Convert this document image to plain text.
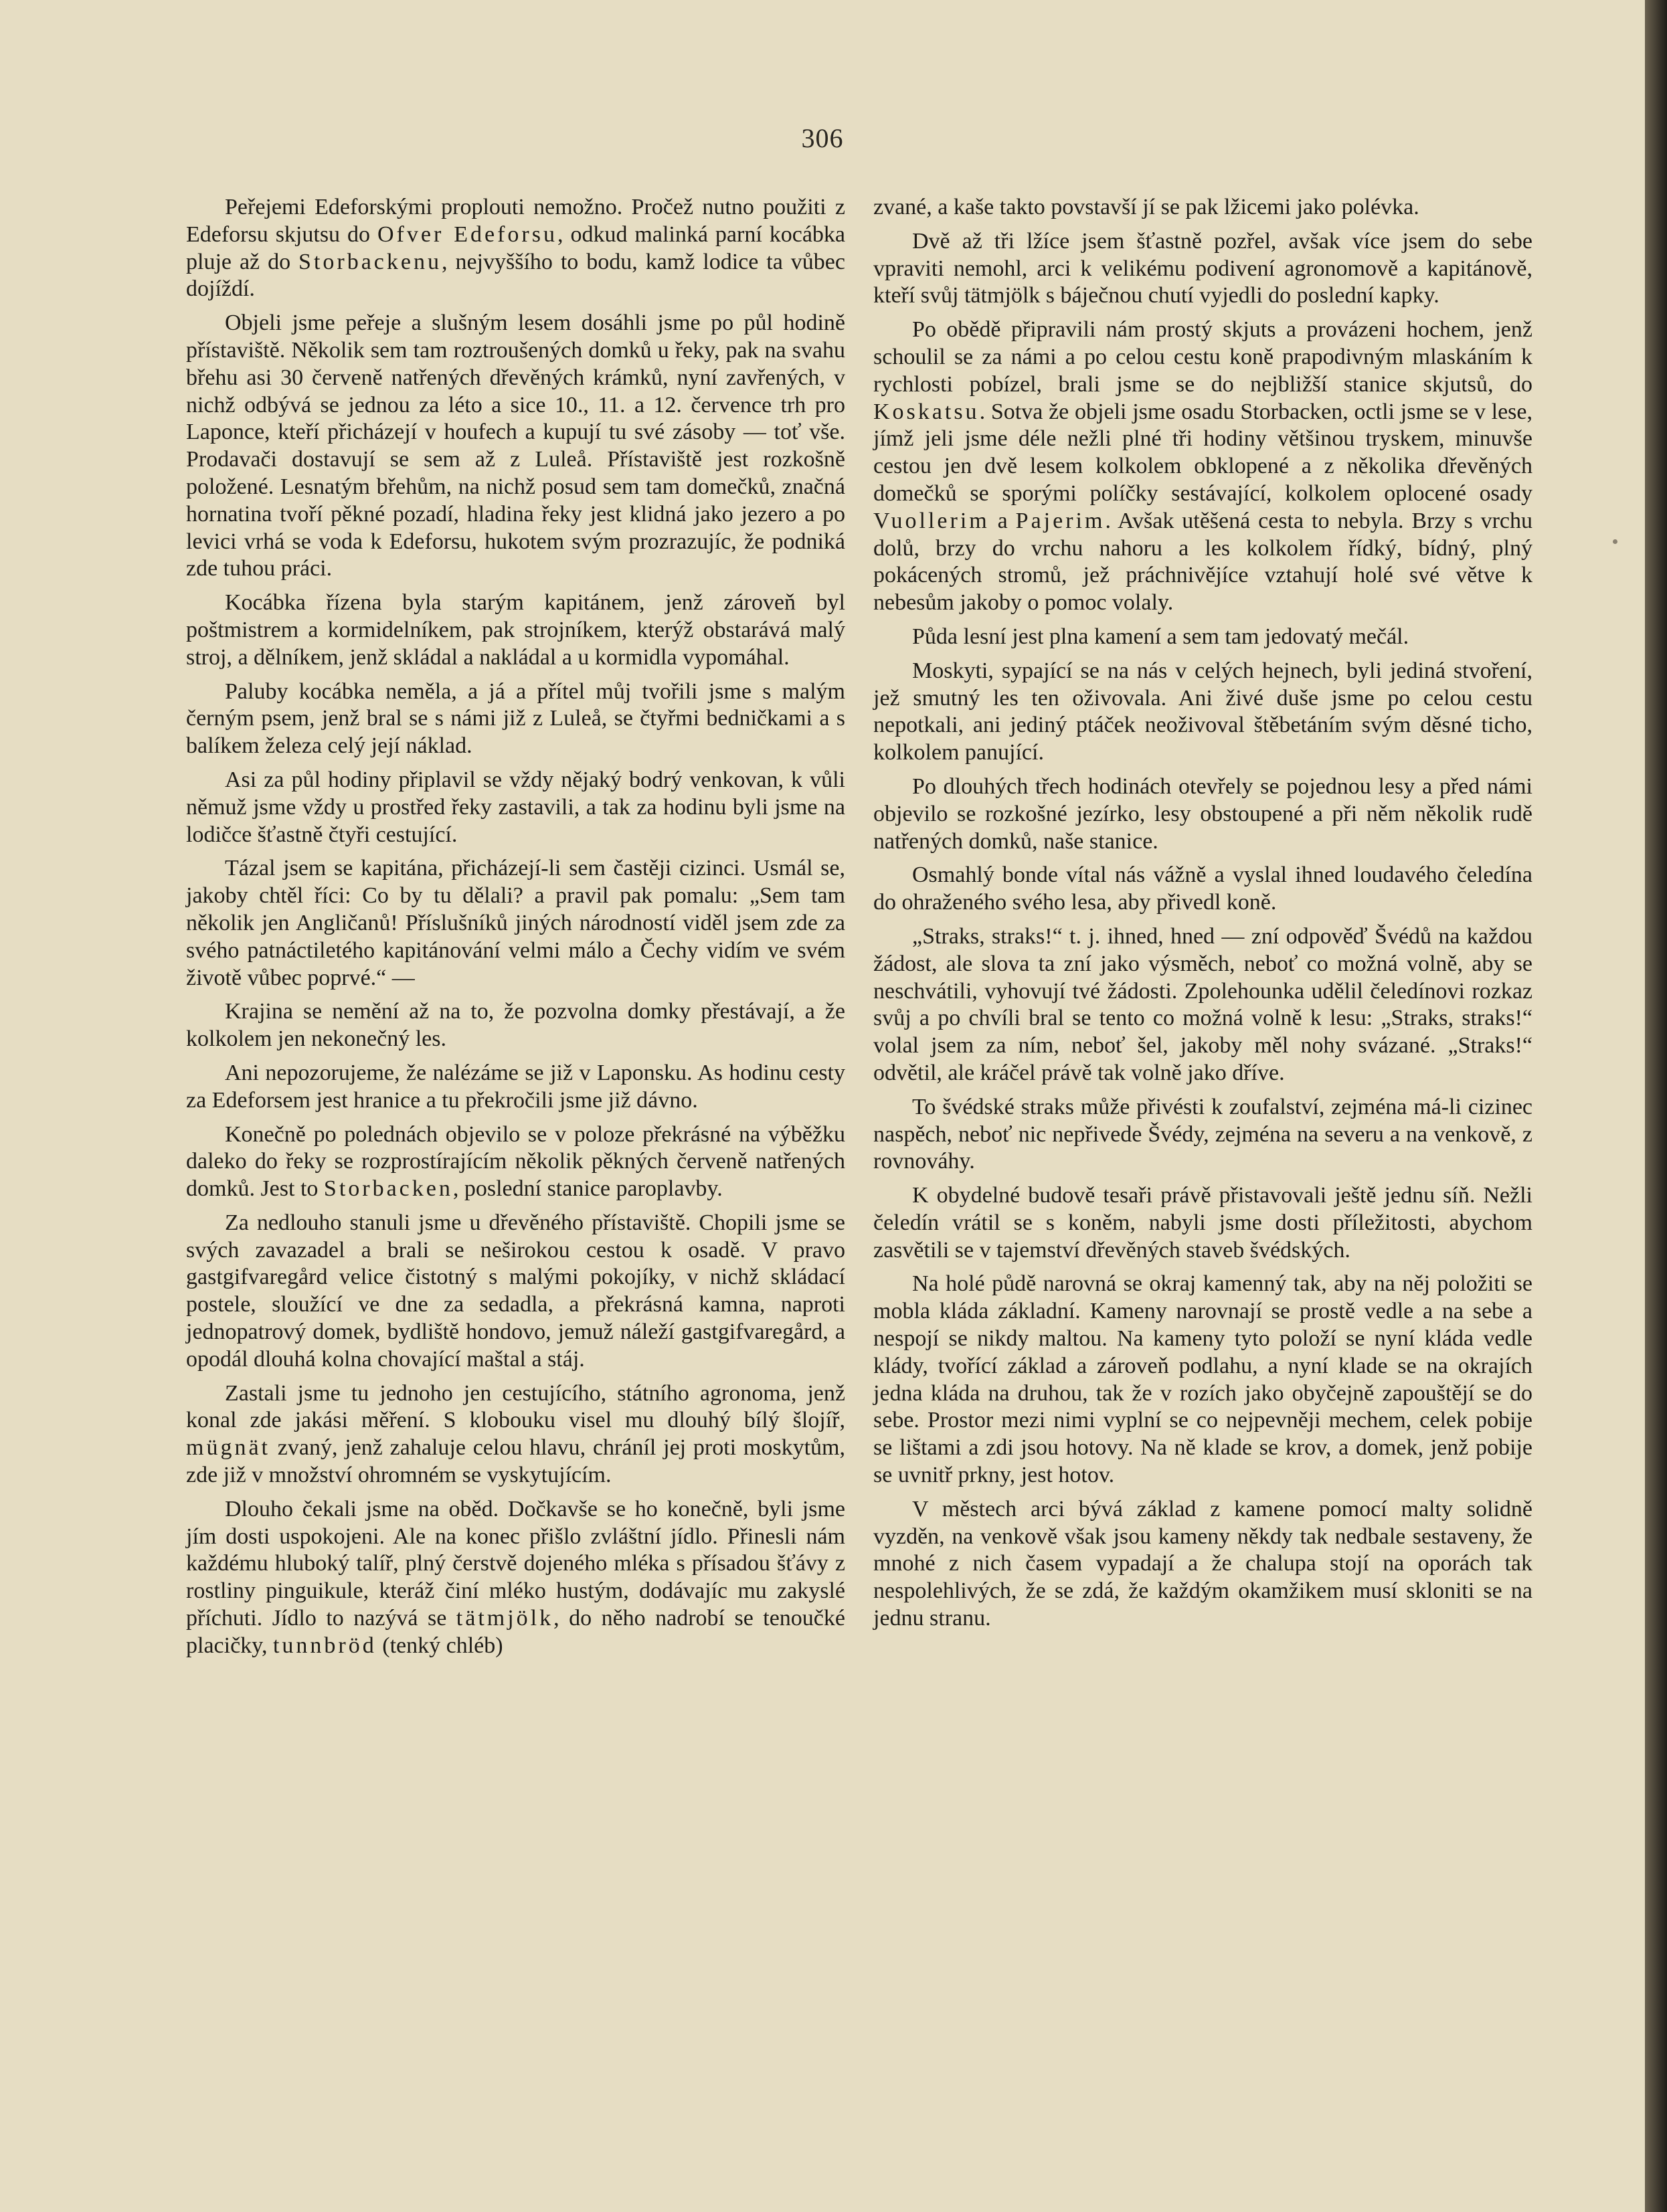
306

Peřejemi Edeforskými proplouti nemožno. Pročež nutno použiti z Edeforsu skjutsu do Ofver Edeforsu, odkud malinká parní kocábka pluje až do Storbackenu, nejvyššího to bodu, kamž lodice ta vůbec dojíždí.

Objeli jsme peřeje a slušným lesem dosáhli jsme po půl hodině přístaviště. Několik sem tam roztroušených domků u řeky, pak na svahu břehu asi 30 červeně natřených dřevěných krámků, nyní zavřených, v nichž odbývá se jednou za léto a sice 10., 11. a 12. července trh pro Laponce, kteří přicházejí v houfech a kupují tu své zásoby — toť vše. Prodavači dostavují se sem až z Luleå. Přístaviště jest rozkošně položené. Lesnatým břehům, na nichž posud sem tam domečků, značná hornatina tvoří pěkné pozadí, hladina řeky jest klidná jako jezero a po levici vrhá se voda k Edeforsu, hukotem svým prozrazujíc, že podniká zde tuhou práci.

Kocábka řízena byla starým kapitánem, jenž zároveň byl poštmistrem a kormidelníkem, pak strojníkem, kterýž obstarává malý stroj, a dělníkem, jenž skládal a nakládal a u kormidla vypomáhal.

Paluby kocábka neměla, a já a přítel můj tvořili jsme s malým černým psem, jenž bral se s námi již z Luleå, se čtyřmi bedničkami a s balíkem železa celý její náklad.

Asi za půl hodiny připlavil se vždy nějaký bodrý venkovan, k vůli němuž jsme vždy u prostřed řeky zastavili, a tak za hodinu byli jsme na lodičce šťastně čtyři cestující.

Tázal jsem se kapitána, přicházejí-li sem častěji cizinci. Usmál se, jakoby chtěl říci: Co by tu dělali? a pravil pak pomalu: „Sem tam několik jen Angličanů! Příslušníků jiných národností viděl jsem zde za svého patnáctiletého kapitánování velmi málo a Čechy vidím ve svém životě vůbec poprvé.“ —

Krajina se nemění až na to, že pozvolna domky přestávají, a že kolkolem jen nekonečný les.

Ani nepozorujeme, že nalézáme se již v Laponsku. As hodinu cesty za Edeforsem jest hranice a tu překročili jsme již dávno.

Konečně po polednách objevilo se v poloze překrásné na výběžku daleko do řeky se rozprostírajícím několik pěkných červeně natřených domků. Jest to Storbacken, poslední stanice paroplavby.

Za nedlouho stanuli jsme u dřevěného přístaviště. Chopili jsme se svých zavazadel a brali se neširokou cestou k osadě. V pravo gastgifvaregård velice čistotný s malými pokojíky, v nichž skládací postele, sloužící ve dne za sedadla, a překrásná kamna, naproti jednopatrový domek, bydliště hondovo, jemuž náleží gastgifvaregård, a opodál dlouhá kolna chovající maštal a stáj.

Zastali jsme tu jednoho jen cestujícího, státního agronoma, jenž konal zde jakási měření. S klobouku visel mu dlouhý bílý šlojíř, mügnät zvaný, jenž zahaluje celou hlavu, chráníl jej proti moskytům, zde již v množství ohromném se vyskytujícím.

Dlouho čekali jsme na oběd. Dočkavše se ho konečně, byli jsme jím dosti uspokojeni. Ale na konec přišlo zvláštní jídlo. Přinesli nám každému hluboký talíř, plný čerstvě dojeného mléka s přísadou šťávy z rostliny pinguikule, kteráž činí mléko hustým, dodávajíc mu zakyslé příchuti. Jídlo to nazývá se tätmjölk, do něho nadrobí se tenoučké placičky, tunnbröd (tenký chléb)

zvané, a kaše takto povstavší jí se pak lžicemi jako polévka.

Dvě až tři lžíce jsem šťastně pozřel, avšak více jsem do sebe vpraviti nemohl, arci k velikému podivení agronomově a kapitánově, kteří svůj tätmjölk s báječnou chutí vyjedli do poslední kapky.

Po obědě připravili nám prostý skjuts a provázeni hochem, jenž schoulil se za námi a po celou cestu koně prapodivným mlaskáním k rychlosti pobízel, brali jsme se do nejbližší stanice skjutsů, do Koskatsu. Sotva že objeli jsme osadu Storbacken, octli jsme se v lese, jímž jeli jsme déle nežli plné tři hodiny většinou tryskem, minuvše cestou jen dvě lesem kolkolem obklopené a z několika dřevěných domečků se sporými políčky sestávající, kolkolem oplocené osady Vuollerim a Pajerim. Avšak utěšená cesta to nebyla. Brzy s vrchu dolů, brzy do vrchu nahoru a les kolkolem řídký, bídný, plný pokácených stromů, jež práchnivějíce vztahují holé své větve k nebesům jakoby o pomoc volaly.

Půda lesní jest plna kamení a sem tam jedovatý mečál.

Moskyti, sypající se na nás v celých hejnech, byli jediná stvoření, jež smutný les ten oživovala. Ani živé duše jsme po celou cestu nepotkali, ani jediný ptáček neoživoval štěbetáním svým děsné ticho, kolkolem panující.

Po dlouhých třech hodinách otevřely se pojednou lesy a před námi objevilo se rozkošné jezírko, lesy obstoupené a při něm několik rudě natřených domků, naše stanice.

Osmahlý bonde vítal nás vážně a vyslal ihned loudavého čeledína do ohraženého svého lesa, aby přivedl koně.

„Straks, straks!“ t. j. ihned, hned — zní odpověď Švédů na každou žádost, ale slova ta zní jako výsměch, neboť co možná volně, aby se neschvátili, vyhovují tvé žádosti. Zpolehounka udělil čeledínovi rozkaz svůj a po chvíli bral se tento co možná volně k lesu: „Straks, straks!“ volal jsem za ním, neboť šel, jakoby měl nohy svázané. „Straks!“ odvětil, ale kráčel právě tak volně jako dříve.

To švédské straks může přivésti k zoufalství, zejména má-li cizinec naspěch, neboť nic nepřivede Švédy, zejména na severu a na venkově, z rovnováhy.

K obydelné budově tesaři právě přistavovali ještě jednu síň. Nežli čeledín vrátil se s koněm, nabyli jsme dosti příležitosti, abychom zasvětili se v tajemství dřevěných staveb švédských.

Na holé půdě narovná se okraj kamenný tak, aby na něj položiti se mobla kláda základní. Kameny narovnají se prostě vedle a na sebe a nespojí se nikdy maltou. Na kameny tyto položí se nyní kláda vedle klády, tvořící základ a zároveň podlahu, a nyní klade se na okrajích jedna kláda na druhou, tak že v rozích jako obyčejně zapouštějí se do sebe. Prostor mezi nimi vyplní se co nejpevněji mechem, celek pobije se lištami a zdi jsou hotovy. Na ně klade se krov, a domek, jenž pobije se uvnitř prkny, jest hotov.

V městech arci bývá základ z kamene pomocí malty solidně vyzděn, na venkově však jsou kameny někdy tak nedbale sestaveny, že mnohé z nich časem vypadají a že chalupa stojí na oporách tak nespolehlivých, že se zdá, že každým okamžikem musí skloniti se na jednu stranu.
